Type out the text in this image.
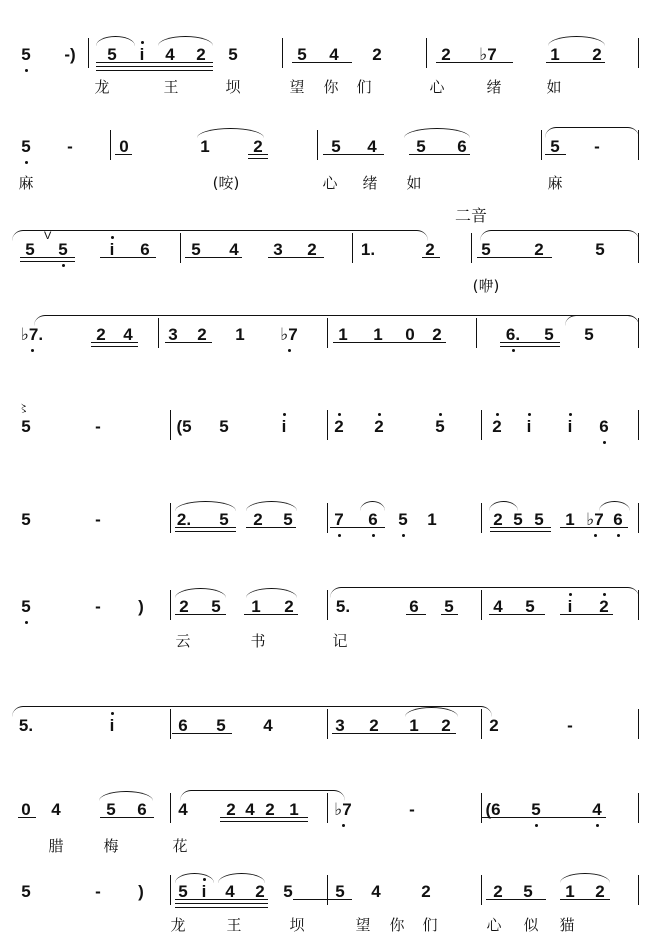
5 -) 5 i 4 2 5	5 4 2	2 ♭7	1 2
龙	王	坝	望 你 们	心	绪	如
5 -	0	1	2	5 4 5 6	5 -
麻	(咹)	心 绪 如	麻
二音
5 5 i 6 5 4 3 2	1.	2	5	2	5
(咿)
♭7.	2 4 3 2 1 ♭7 1 1 0 2	6. 5 5
5	-	(5 5	i	2 2	5	2 i i 6
5	-	2. 5 2 5 7 6 5 1	2 5 5 1 ♭7 6
5	- ) 2 5 1 2 5.	6 5 4 5 i 2
云	书	记
5.	i	6 5 4	3 2 1 2 2	-
0 4	5 6 4 2 4 2 1 ♭7	-	(6 5	4
腊	梅	花
5	- ) 5 i 4 2 5	5 4 2	2 5 1 2
龙	王	坝	望 你 们	心 似 猫
V
〻
